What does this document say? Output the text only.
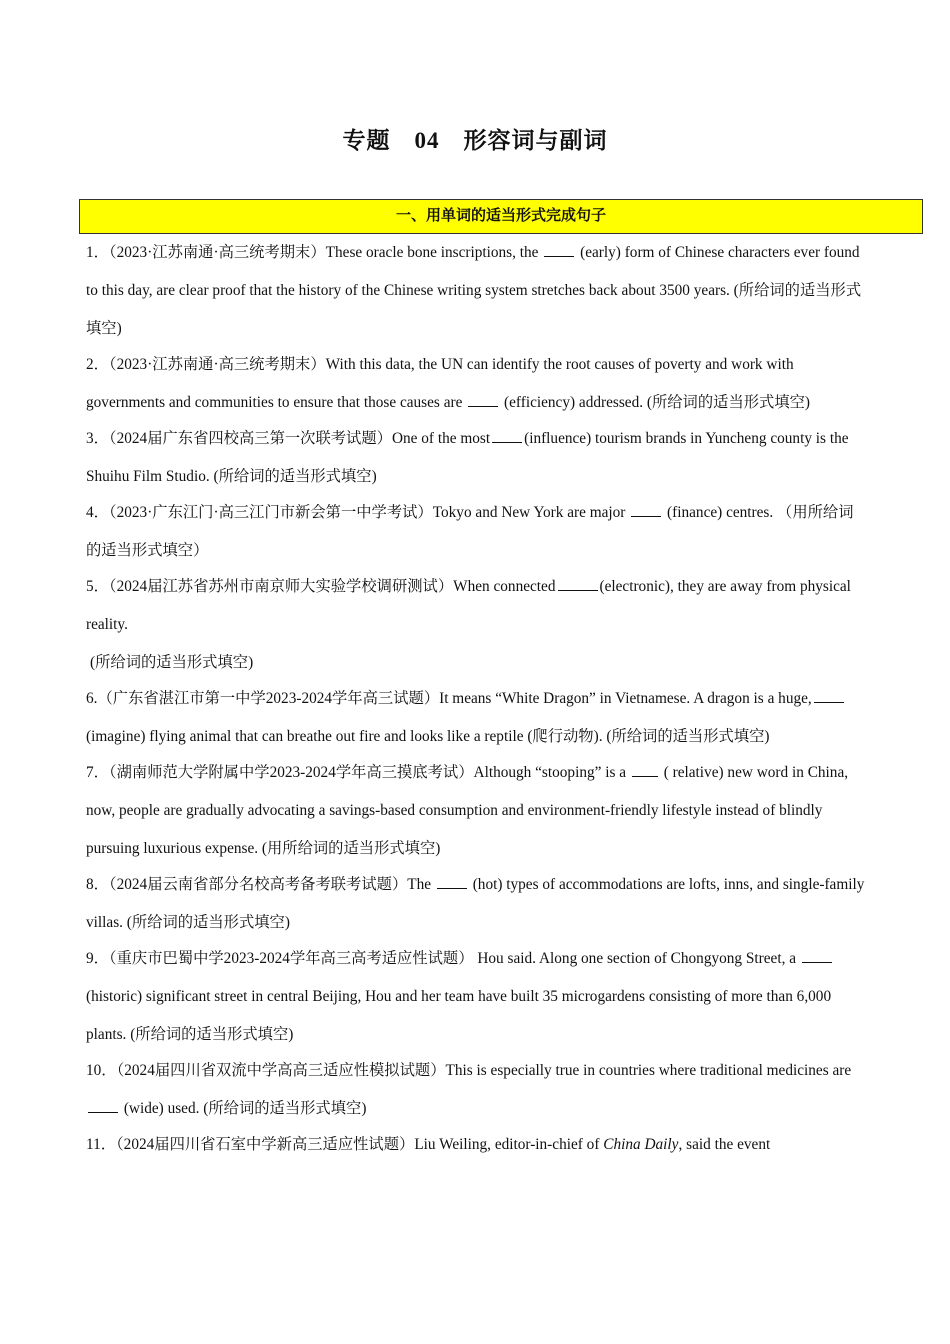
专题　04　形容词与副词
一、用单词的适当形式完成句子

1．（2023·江苏南通·高三统考期末）These oracle bone inscriptions, the	(early) form of Chinese characters ever found to this day, are clear proof that the history of the Chinese writing system stretches back about 3500 years. (所给词的适当形式填空)

2．（2023·江苏南通·高三统考期末）With this data, the UN can identify the root causes of poverty and work with governments and communities to ensure that those causes are	(efficiency) addressed. (所给词的适当形式填空)

3．（2024届广东省四校高三第一次联考试题）One of the most (influence) tourism brands in Yuncheng county is the Shuihu Film Studio. (所给词的适当形式填空)

4．（2023·广东江门·高三江门市新会第一中学考试）Tokyo and New York are major	(finance) centres. （用所给词的适当形式填空）

5．（2024届江苏省苏州市南京师大实验学校调研测试）When connected	(electronic), they are away from physical reality.
(所给词的适当形式填空)

6.（广东省湛江市第一中学2023-2024学年高三试题）It means “White Dragon” in Vietnamese. A dragon is a huge, (imagine) flying animal that can breathe out fire and looks like a reptile (爬行动物). (所给词的适当形式填空)

7．（湖南师范大学附属中学2023-2024学年高三摸底考试）Although “stooping” is a ( relative) new word in China, now, people are gradually advocating a savings-based consumption and environment-friendly lifestyle instead of blindly pursuing luxurious expense. (用所给词的适当形式填空)

8．（2024届云南省部分名校高考备考联考试题）The	(hot) types of accommodations are lofts, inns, and single-family villas. (所给词的适当形式填空)

9．（重庆市巴蜀中学2023-2024学年高三高考适应性试题） Hou said. Along one section of Chongyong Street, a  (historic) significant street in central Beijing, Hou and her team have built 35 microgardens consisting of more than 6,000 plants. (所给词的适当形式填空)

10．（2024届四川省双流中学高高三适应性模拟试题）This is especially true in countries where traditional medicines are  (wide) used. (所给词的适当形式填空)

11．（2024届四川省石室中学新高三适应性试题）Liu Weiling, editor-in-chief of China Daily, said the event
